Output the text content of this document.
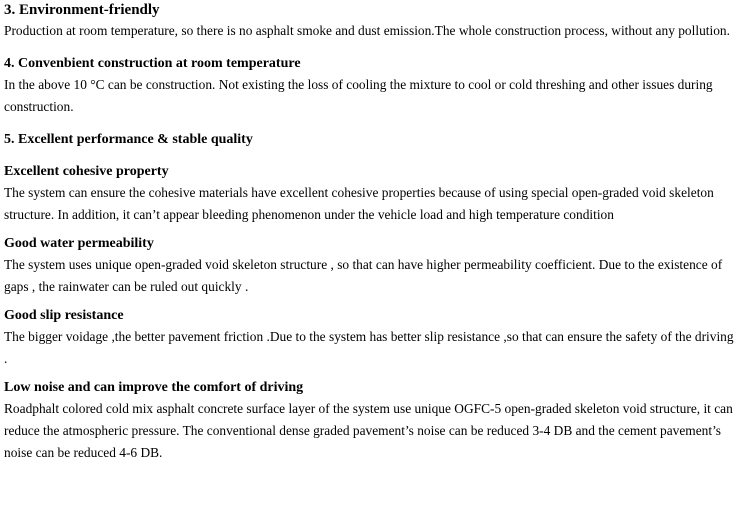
3. Environment-friendly

Production at room temperature, so there is no asphalt smoke and dust emission.The whole construction process, without any pollution.

4. Convenbient construction at room temperature

In the above 10 °C can be construction. Not existing the loss of cooling the mixture to cool or cold threshing and other issues during construction.

5. Excellent performance & stable quality

Excellent cohesive property

The system can ensure the cohesive materials have excellent cohesive properties because of using special open-graded void skeleton structure. In addition, it can’t appear bleeding phenomenon under the vehicle load and high temperature condition

Good water permeability

The system uses unique open-graded void skeleton structure , so that can have higher permeability coefficient. Due to the existence of gaps , the rainwater can be ruled out quickly .

Good slip resistance

The bigger voidage ,the better pavement friction .Due to the system has better slip resistance ,so that can ensure the safety of the driving .

Low noise and can improve the comfort of driving

Roadphalt colored cold mix asphalt concrete surface layer of the system use unique OGFC-5 open-graded skeleton void structure, it can reduce the atmospheric pressure. The conventional dense graded pavement’s noise can be reduced 3-4 DB and the cement pavement’s noise can be reduced 4-6 DB.
